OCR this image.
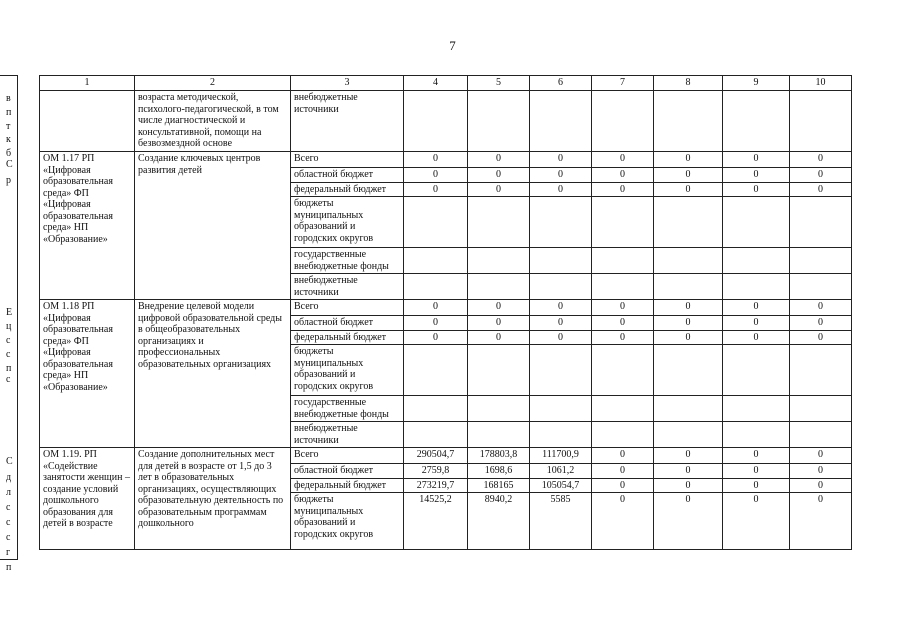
7
в
п
т
к
б
С
р
Е
ц
с
с
п
с
С
д
л
с
с
с
г
п
1	2	3	4	5	6	7	8	9	10
	возраста методической, психолого-педагогической, в том числе диагностической и консультативной, помощи на безвозмездной основе	внебюджетные источники							
ОМ 1.17 РП «Цифровая образовательная среда» ФП «Цифровая образовательная среда» НП «Образование»	Создание ключевых центров развития детей	Всего	0	0	0	0	0	0	0
		областной бюджет	0	0	0	0	0	0	0
		федеральный бюджет	0	0	0	0	0	0	0
		бюджеты муниципальных образований и городских округов							
		государственные внебюджетные фонды							
		внебюджетные источники							
ОМ 1.18 РП «Цифровая образовательная среда» ФП «Цифровая образовательная среда» НП «Образование»	Внедрение целевой модели цифровой образовательной среды в общеобразовательных организациях и профессиональных образовательных организациях	Всего	0	0	0	0	0	0	0
		областной бюджет	0	0	0	0	0	0	0
		федеральный бюджет	0	0	0	0	0	0	0
		бюджеты муниципальных образований и городских округов							
		государственные внебюджетные фонды							
		внебюджетные источники							
ОМ 1.19. РП «Содействие занятости женщин – создание условий дошкольного образования для детей в возрасте	Создание дополнительных мест для детей в возрасте от 1,5 до 3 лет в образовательных организациях, осуществляющих образовательную деятельность по образовательным программам дошкольного	Всего	290504,7	178803,8	111700,9	0	0	0	0
		областной бюджет	2759,8	1698,6	1061,2	0	0	0	0
		федеральный бюджет	273219,7	168165	105054,7	0	0	0	0
		бюджеты муниципальных образований и городских округов	14525,2	8940,2	5585	0	0	0	0
